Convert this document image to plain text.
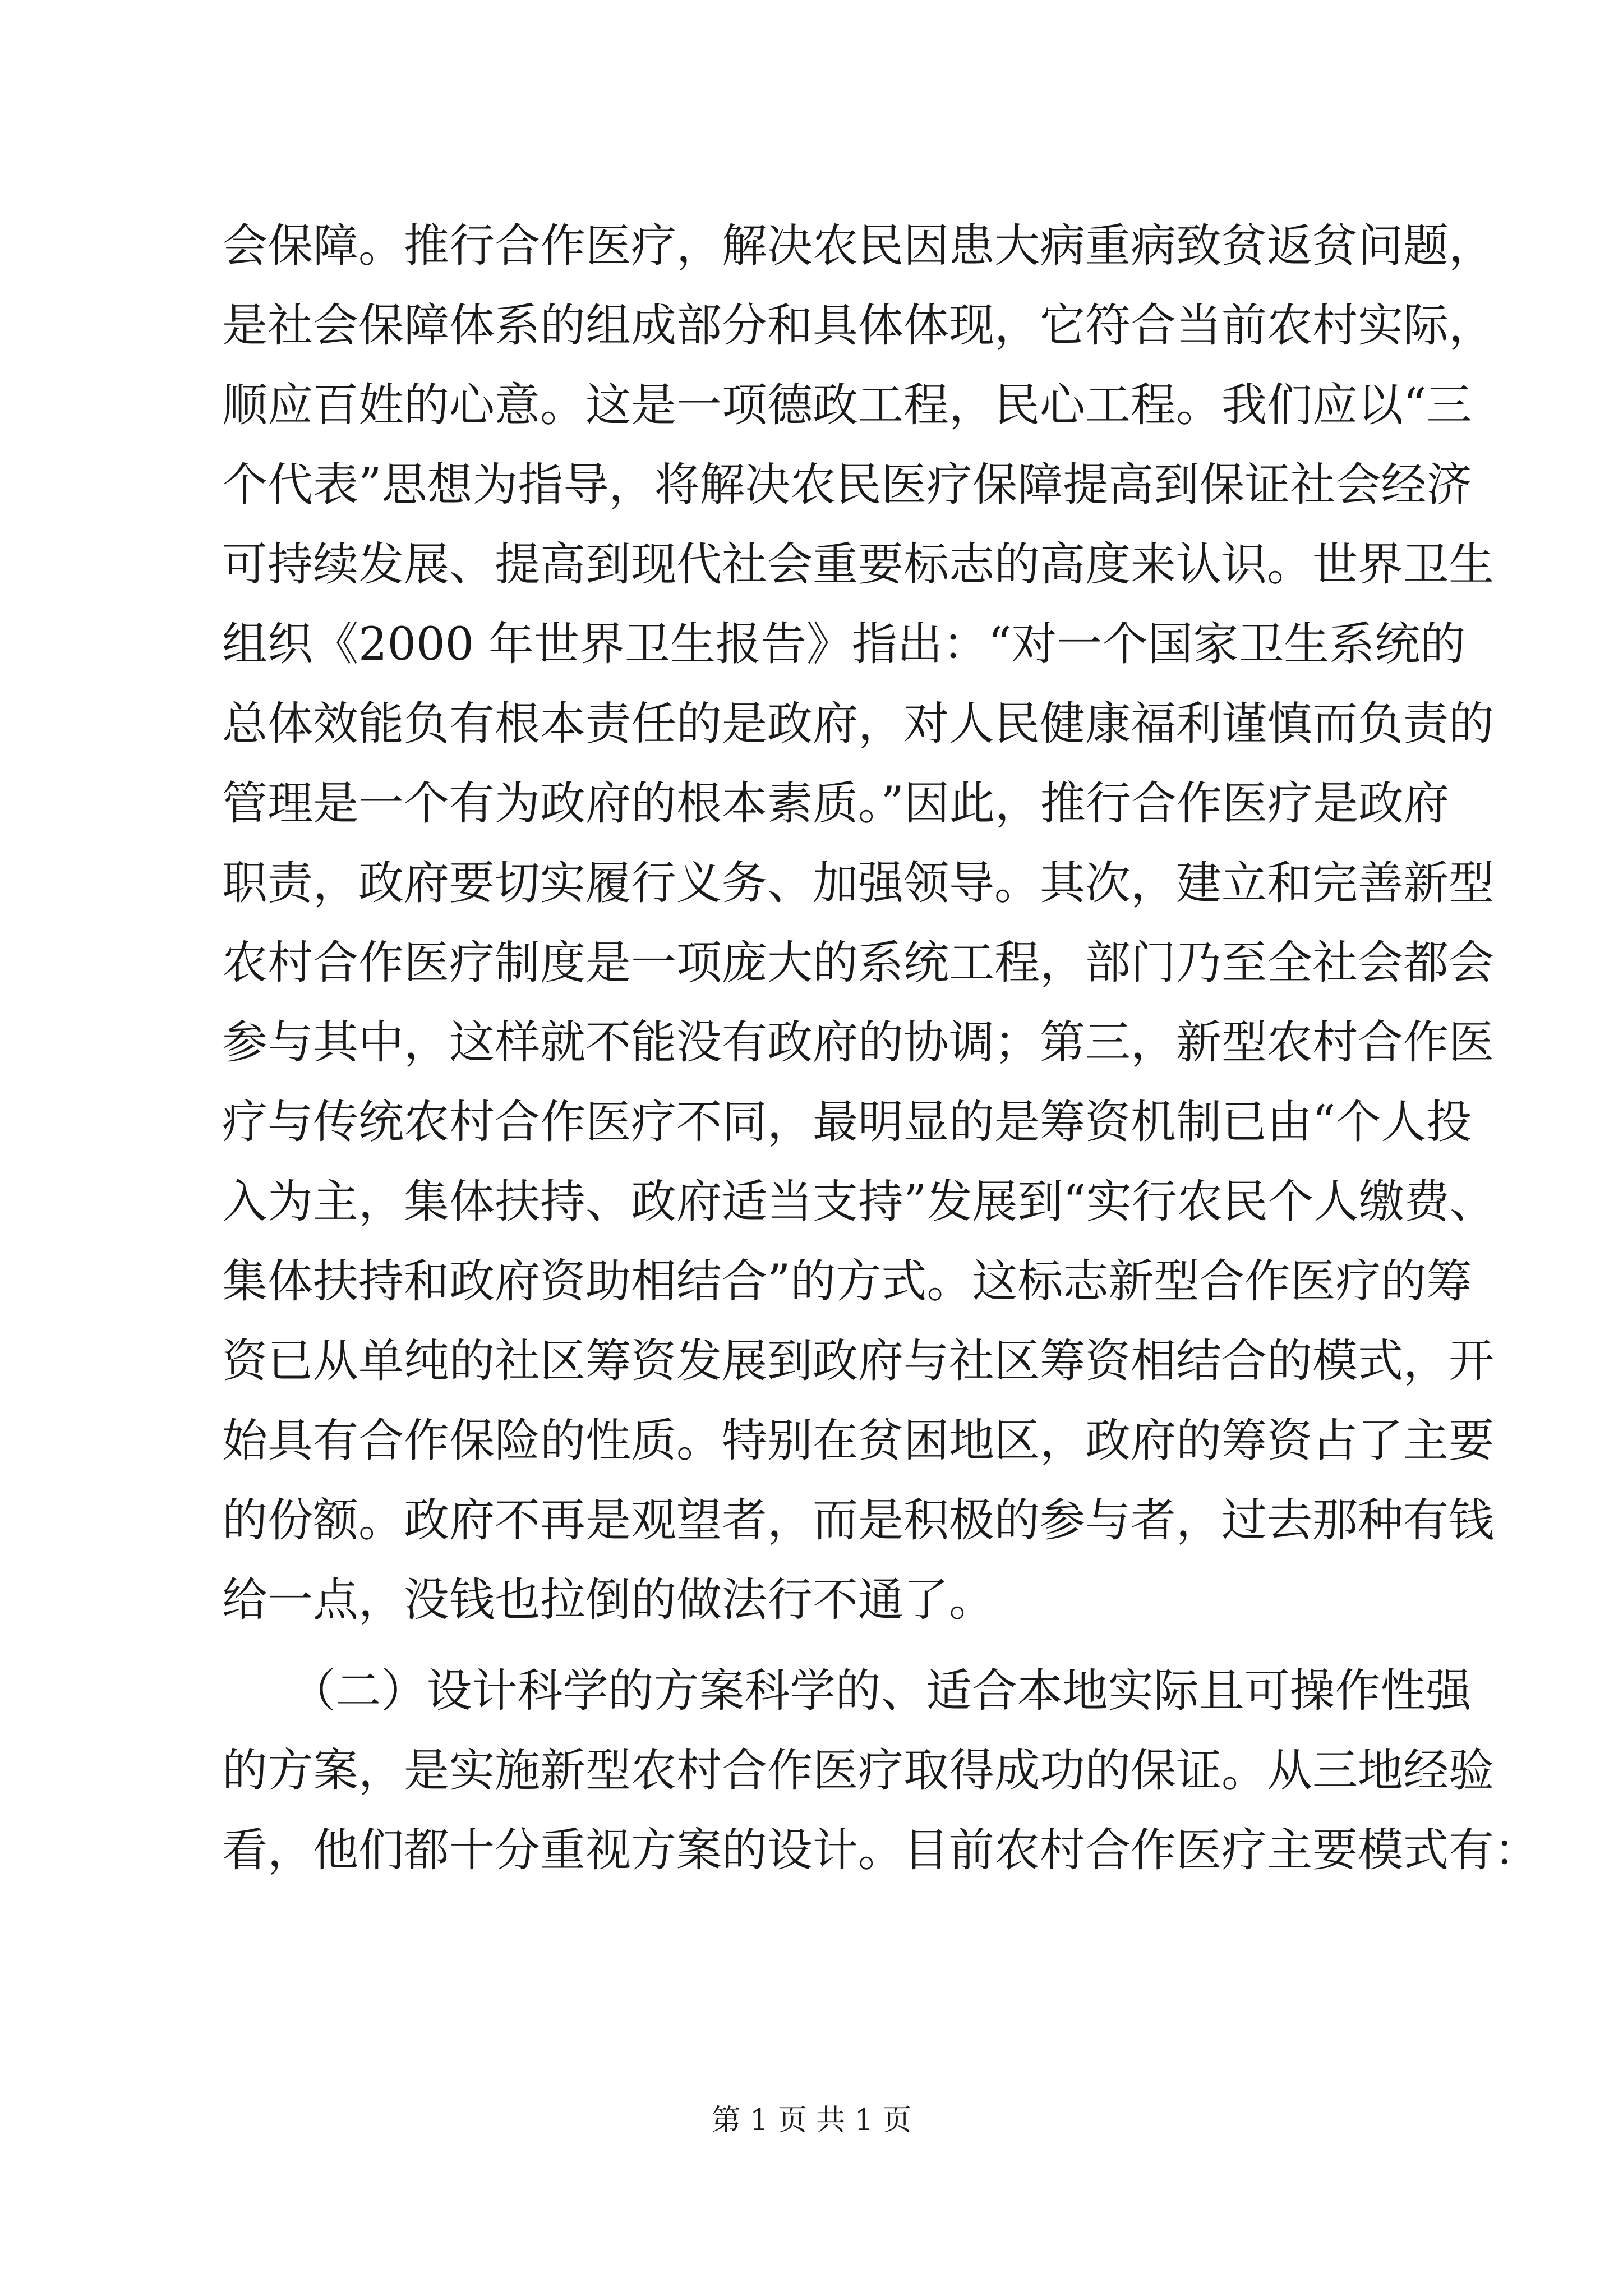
会保障。推行合作医疗，解决农民因患大病重病致贫返贫问题，
是社会保障体系的组成部分和具体体现，它符合当前农村实际，
顺应百姓的心意。这是一项德政工程，民心工程。我们应以“三
个代表”思想为指导，将解决农民医疗保障提高到保证社会经济
可持续发展、提高到现代社会重要标志的高度来认识。世界卫生
组织《2000 年世界卫生报告》指出：“对一个国家卫生系统的
总体效能负有根本责任的是政府，对人民健康福利谨慎而负责的
管理是一个有为政府的根本素质。”因此，推行合作医疗是政府
职责，政府要切实履行义务、加强领导。其次，建立和完善新型
农村合作医疗制度是一项庞大的系统工程，部门乃至全社会都会
参与其中，这样就不能没有政府的协调；第三，新型农村合作医
疗与传统农村合作医疗不同，最明显的是筹资机制已由“个人投
入为主，集体扶持、政府适当支持”发展到“实行农民个人缴费、
集体扶持和政府资助相结合”的方式。这标志新型合作医疗的筹
资已从单纯的社区筹资发展到政府与社区筹资相结合的模式，开
始具有合作保险的性质。特别在贫困地区，政府的筹资占了主要
的份额。政府不再是观望者，而是积极的参与者，过去那种有钱
给一点，没钱也拉倒的做法行不通了。
　　（二）设计科学的方案科学的、适合本地实际且可操作性强
的方案，是实施新型农村合作医疗取得成功的保证。从三地经验
看，他们都十分重视方案的设计。目前农村合作医疗主要模式有：
第 1 页 共 1 页
